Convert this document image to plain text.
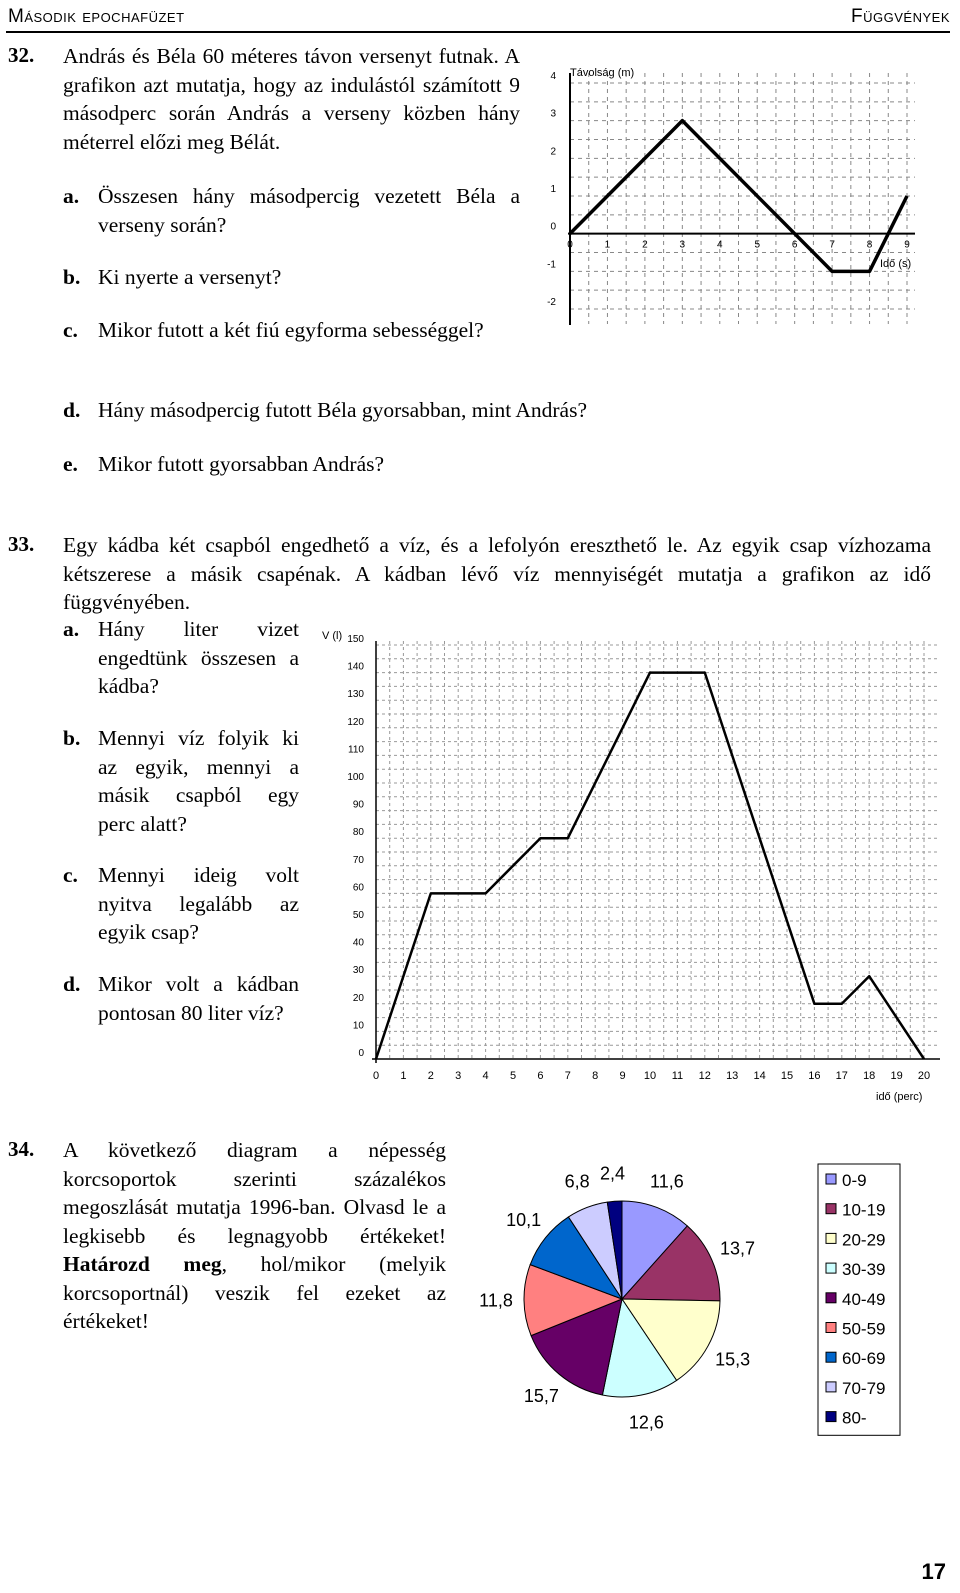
Második epochafüzet	Függvények
32. András és Béla 60 méteres távon versenyt futnak. A grafikon azt mutatja, hogy az indulástól számított 9 másodperc során András a verseny közben hány méterrel előzi meg Bélát.
a. Összesen hány másodpercig vezetett Béla a verseny során?
b. Ki nyerte a versenyt?
c. Mikor futott a két fiú egyforma sebességgel?
d. Hány másodpercig futott Béla gyorsabban, mint András?
e. Mikor futott gyorsabban András?
0	1	2	3	4	5	6	7	8	9
-2
-1
0
1
2
3
4 Távolság (m)
Idő (s)
33. Egy kádba két csapból engedhető a víz, és a lefolyón ereszthető le. Az egyik csap vízhozama kétszerese a másik csapénak. A kádban lévő víz mennyiségét mutatja a grafikon az idő függvényében.
a. Hány liter vizet engedtünk összesen a kádba?
b. Mennyi víz folyik ki az egyik, mennyi a másik csapból egy perc alatt?
c. Mennyi ideig volt nyitva legalább az egyik csap?
d. Mikor volt a kádban pontosan 80 liter víz?
0 1 2 3 4 5 6 7 8 9 10 11 12 13 14 15 16 17 18 19 20
0
10
20
30
40
50
60
70
80
90
100
110
120
130
140
150
V (l)
idő (perc)
34. A következő diagram a népesség korcsoportok szerinti százalékos megoszlását mutatja 1996-ban. Olvasd le a legkisebb és legnagyobb értékeket! Határozd meg, hol/mikor (melyik korcsoportnál) veszik fel ezeket az értékeket!
11,6
13,7
15,3
12,6
15,7
11,8
10,1
6,8 2,4	0-9
10-19
20-29
30-39
40-49
50-59
60-69
70-79
80-
17
